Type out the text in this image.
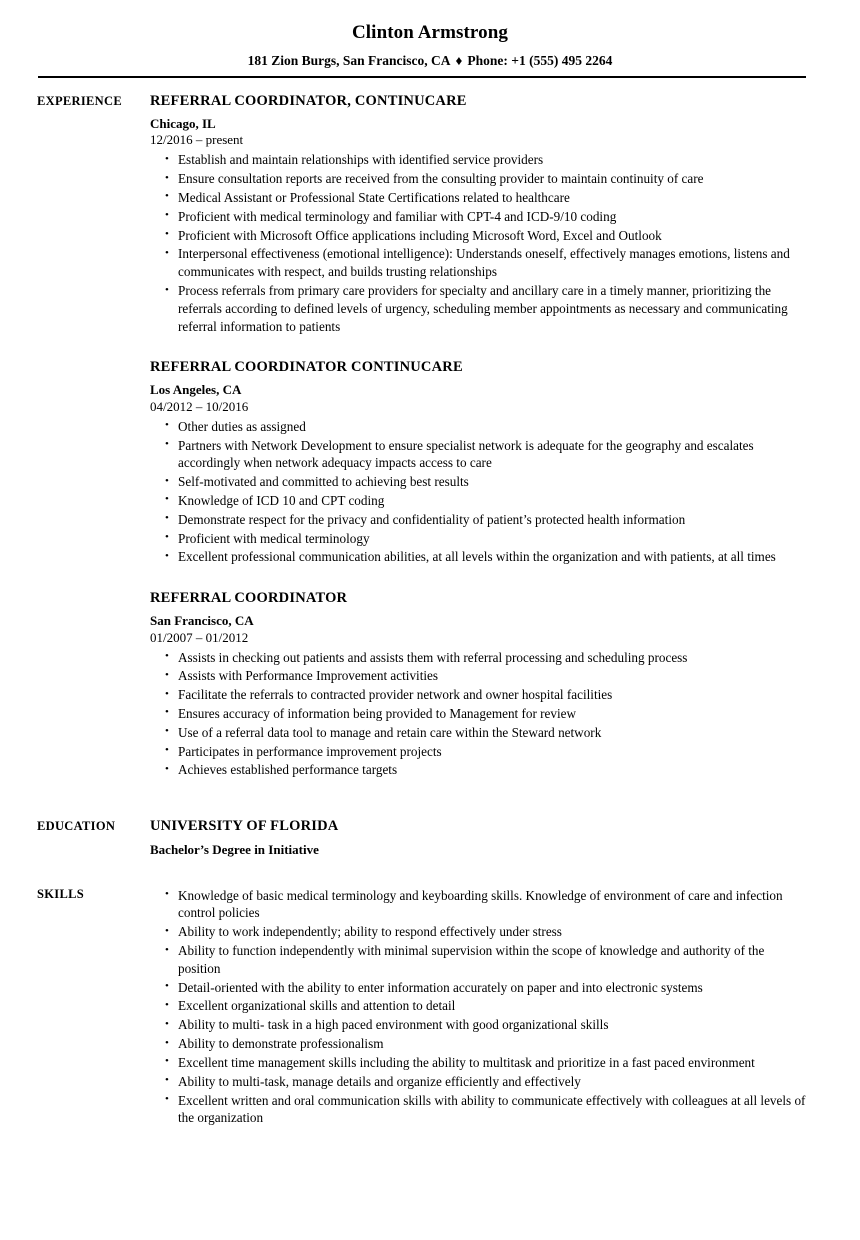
Clinton Armstrong
181 Zion Burgs, San Francisco, CA ♦ Phone: +1 (555) 495 2264
EXPERIENCE	REFERRAL COORDINATOR, CONTINUCARE
Chicago, IL
12/2016 – present
• Establish and maintain relationships with identified service providers
• Ensure consultation reports are received from the consulting provider to maintain continuity of care
• Medical Assistant or Professional State Certifications related to healthcare
• Proficient with medical terminology and familiar with CPT-4 and ICD-9/10 coding
• Proficient with Microsoft Office applications including Microsoft Word, Excel and Outlook
• Interpersonal effectiveness (emotional intelligence): Understands oneself, effectively manages emotions, listens and communicates with respect, and builds trusting relationships
• Process referrals from primary care providers for specialty and ancillary care in a timely manner, prioritizing the referrals according to defined levels of urgency, scheduling member appointments as necessary and communicating referral information to patients
REFERRAL COORDINATOR CONTINUCARE
Los Angeles, CA
04/2012 – 10/2016
• Other duties as assigned
• Partners with Network Development to ensure specialist network is adequate for the geography and escalates accordingly when network adequacy impacts access to care
• Self-motivated and committed to achieving best results
• Knowledge of ICD 10 and CPT coding
• Demonstrate respect for the privacy and confidentiality of patient’s protected health information
• Proficient with medical terminology
• Excellent professional communication abilities, at all levels within the organization and with patients, at all times
REFERRAL COORDINATOR
San Francisco, CA
01/2007 – 01/2012
• Assists in checking out patients and assists them with referral processing and scheduling process
• Assists with Performance Improvement activities
• Facilitate the referrals to contracted provider network and owner hospital facilities
• Ensures accuracy of information being provided to Management for review
• Use of a referral data tool to manage and retain care within the Steward network
• Participates in performance improvement projects
• Achieves established performance targets
EDUCATION	UNIVERSITY OF FLORIDA
Bachelor’s Degree in Initiative
SKILLS	• Knowledge of basic medical terminology and keyboarding skills. Knowledge of environment of care and infection control policies
• Ability to work independently; ability to respond effectively under stress
• Ability to function independently with minimal supervision within the scope of knowledge and authority of the position
• Detail-oriented with the ability to enter information accurately on paper and into electronic systems
• Excellent organizational skills and attention to detail
• Ability to multi- task in a high paced environment with good organizational skills
• Ability to demonstrate professionalism
• Excellent time management skills including the ability to multitask and prioritize in a fast paced environment
• Ability to multi-task, manage details and organize efficiently and effectively
• Excellent written and oral communication skills with ability to communicate effectively with colleagues at all levels of the organization
